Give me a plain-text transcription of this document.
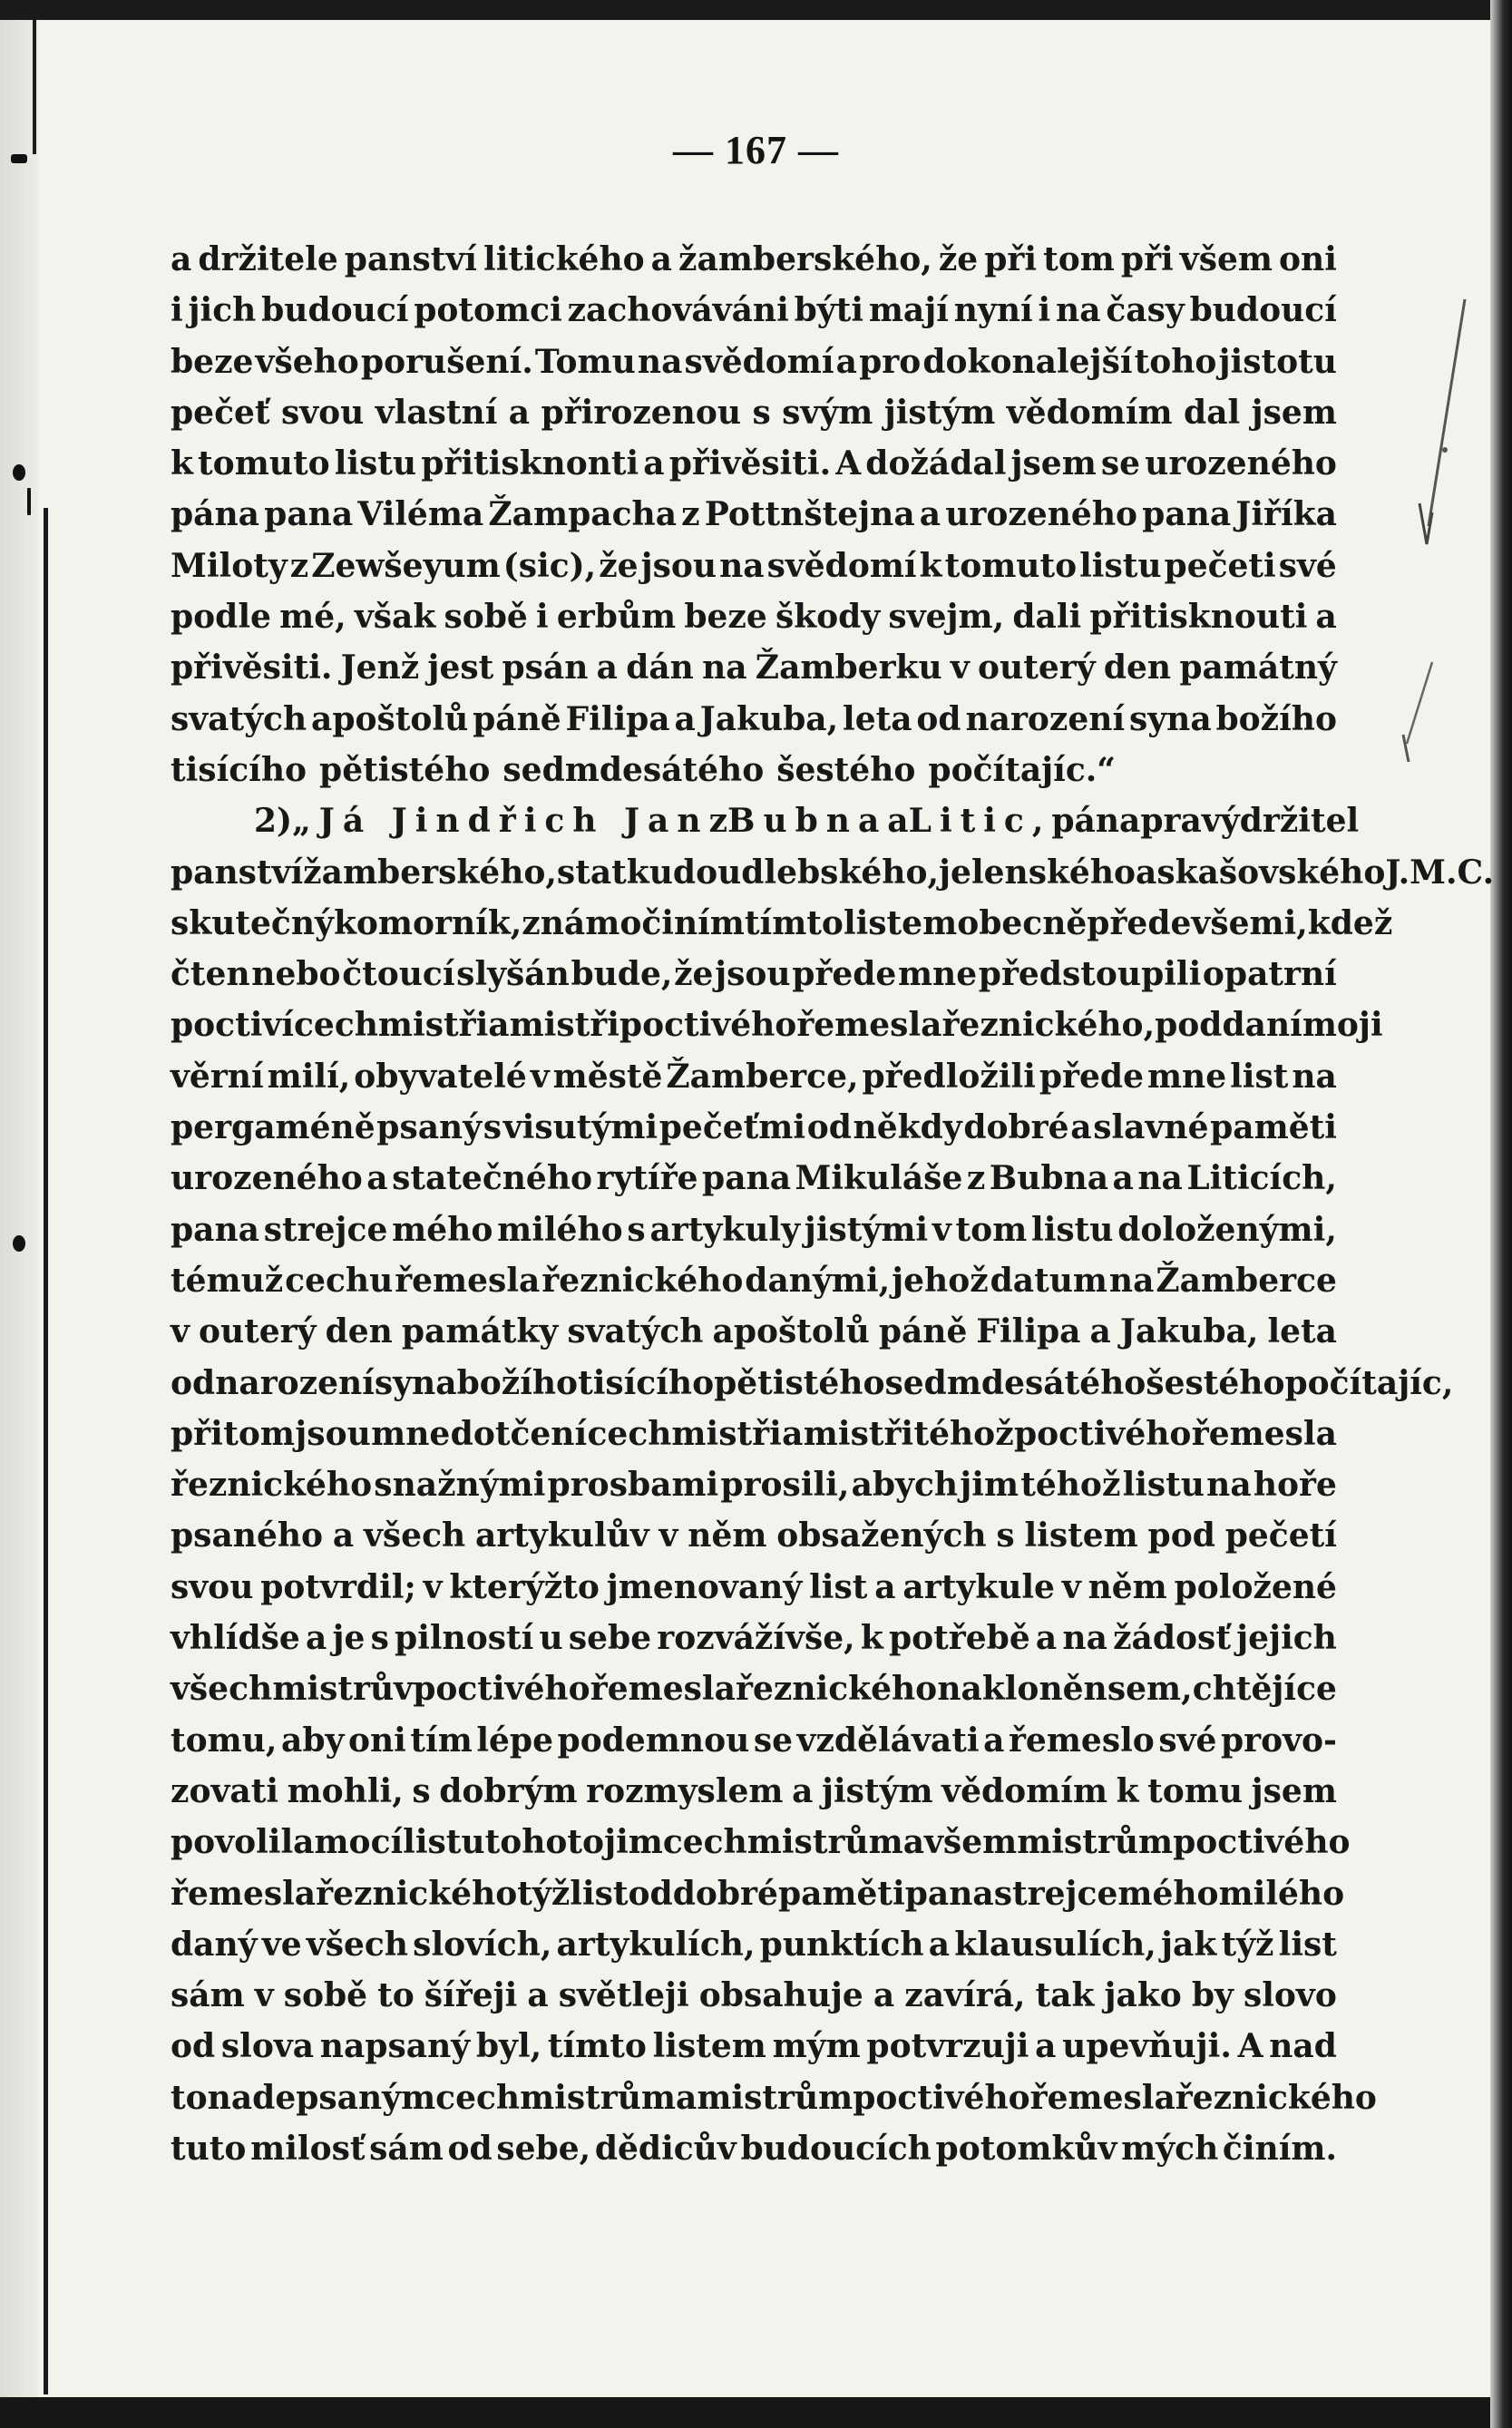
— 167 —
a držitele panství litického a žamberského, že při tom při všem oni
i jich budoucí potomci zachováváni býti mají nyní i na časy budoucí
beze všeho porušení. Tomu na svědomí a pro dokonalejší toho jistotu
pečeť svou vlastní a přirozenou s svým jistým vědomím dal jsem
k tomuto listu přitisknonti a přivěsiti. A dožádal jsem se urozeného
pána pana Viléma Žampacha z Pottnštejna a urozeného pana Jiříka
Miloty z Zewšeyum (sic), že jsou na svědomí k tomuto listu pečeti své
podle mé, však sobě i erbům beze škody svejm, dali přitisknouti a
přivěsiti. Jenž jest psán a dán na Žamberku v outerý den památný
svatých apoštolů páně Filipa a Jakuba, leta od narození syna božího
tisícího pětistého sedmdesátého šestého počítajíc.“
2) „Já Jindřich Jan z Bubna a Litic, pán a pravý držitel
panství žamberského, statku doudlebského, jelenského a skašovského J. M. C.
skutečný komorník, známo činím tímto listem obecně přede všemi, kdež
čten nebo čtoucí slyšán bude, že jsou přede mne předstoupili opatrní
poctiví cechmistři a mistři poctivého řemesla řeznického, poddaní moji
věrní milí, obyvatelé v městě Žamberce, předložili přede mne list na
pergaméně psaný s visutými pečeťmi od někdy dobré a slavné paměti
urozeného a statečného rytíře pana Mikuláše z Bubna a na Liticích,
pana strejce mého milého s artykuly jistými v tom listu doloženými,
témuž cechu řemesla řeznického danými, jehož datum na Žamberce
v outerý den památky svatých apoštolů páně Filipa a Jakuba, leta
od narození syna božího tisícího pětistého sedmdesátého šestého počítajíc,
při tom jsou mne dotčení cechmistři a mistři téhož poctivého řemesla
řeznického snažnými prosbami prosili, abych jim téhož listu na hoře
psaného a všech artykulův v něm obsažených s listem pod pečetí
svou potvrdil; v kterýžto jmenovaný list a artykule v něm položené
vhlídše a je s pilností u sebe rozvážívše, k potřebě a na žádosť jejich
všech mistrův poctivého řemesla řeznického nakloněn sem, chtějíce
tomu, aby oni tím lépe podemnou se vzdělávati a řemeslo své provo-
zovati mohli, s dobrým rozmyslem a jistým vědomím k tomu jsem
povolil a mocí listu tohoto jim cechmistrům a všem mistrům poctivého
řemesla řeznického týž list od dobré paměti pana strejce mého milého
daný ve všech slovích, artykulích, punktích a klausulích, jak týž list
sám v sobě to šířeji a světleji obsahuje a zavírá, tak jako by slovo
od slova napsaný byl, tímto listem mým potvrzuji a upevňuji. A nad
to nadepsaným cechmistrům a mistrům poctivého řemesla řeznického
tuto milosť sám od sebe, dědicův budoucích potomkův mých činím.
